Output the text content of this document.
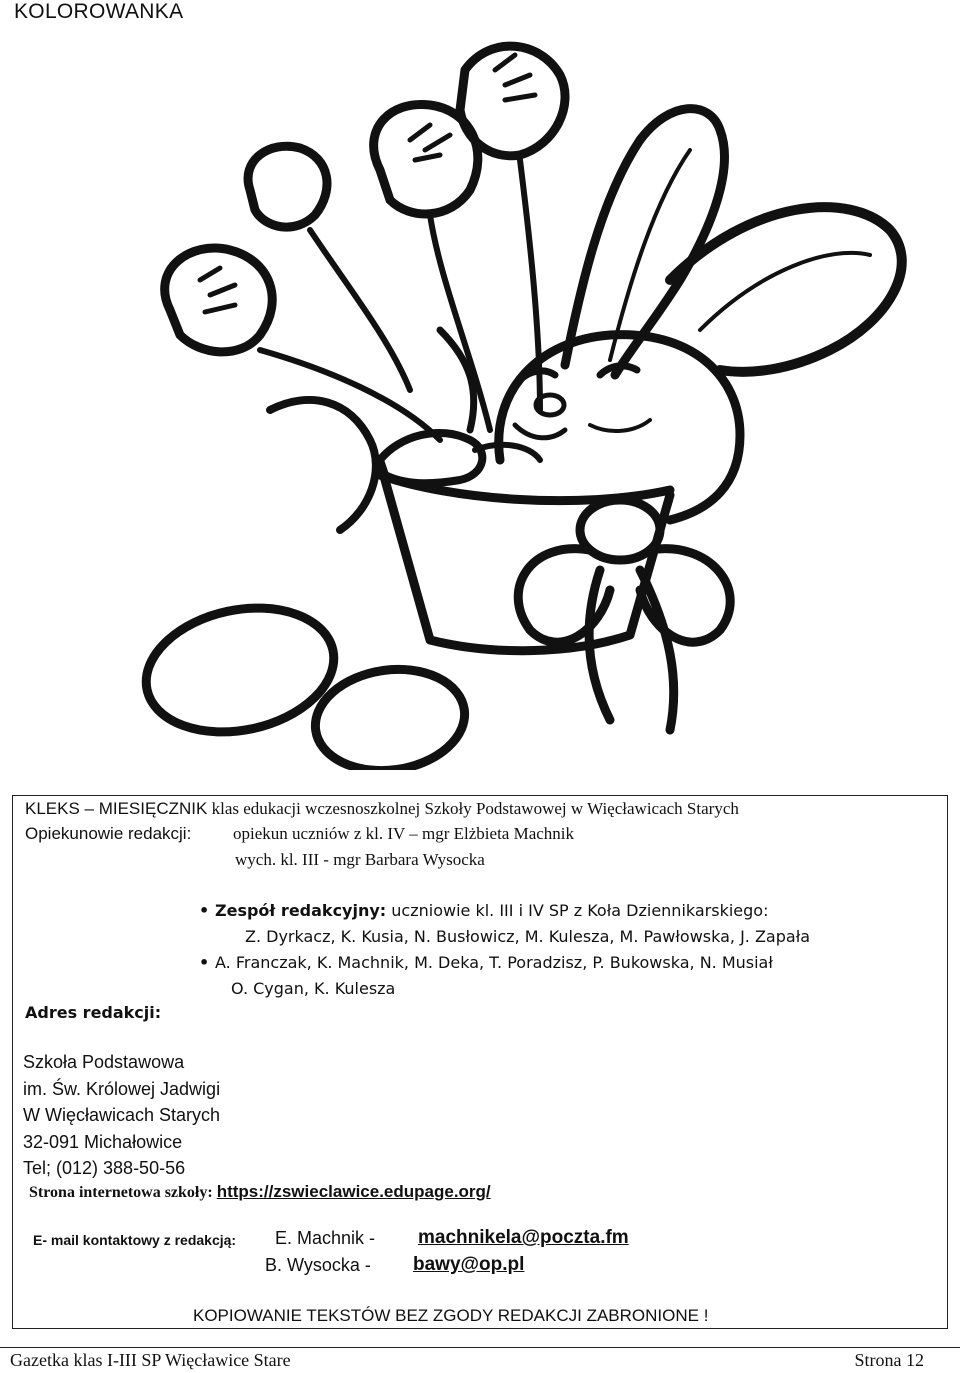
KOLOROWANKA
KLEKS – MIESIĘCZNIK klas edukacji wczesnoszkolnej Szkoły Podstawowej w Więcławicach Starych
Opiekunowie redakcji: opiekun uczniów z kl. IV – mgr Elżbieta Machnik
wych. kl. III - mgr Barbara Wysocka
• Zespół redakcyjny: uczniowie kl. III i IV SP z Koła Dziennikarskiego:
Z. Dyrkacz, K. Kusia, N. Busłowicz, M. Kulesza, M. Pawłowska, J. Zapała
• A. Franczak, K. Machnik, M. Deka, T. Poradzisz, P. Bukowska, N. Musiał
O. Cygan, K. Kulesza
Adres redakcji:
Szkoła Podstawowa
im. Św. Królowej Jadwigi
W Więcławicach Starych
32-091 Michałowice
Tel; (012) 388-50-56
Strona internetowa szkoły: https://zswieclawice.edupage.org/
E- mail kontaktowy z redakcją: E. Machnik - machnikela@poczta.fm
B. Wysocka - bawy@op.pl
KOPIOWANIE TEKSTÓW BEZ ZGODY REDAKCJI ZABRONIONE !
Gazetka klas I-III SP Więcławice Stare	Strona 12
